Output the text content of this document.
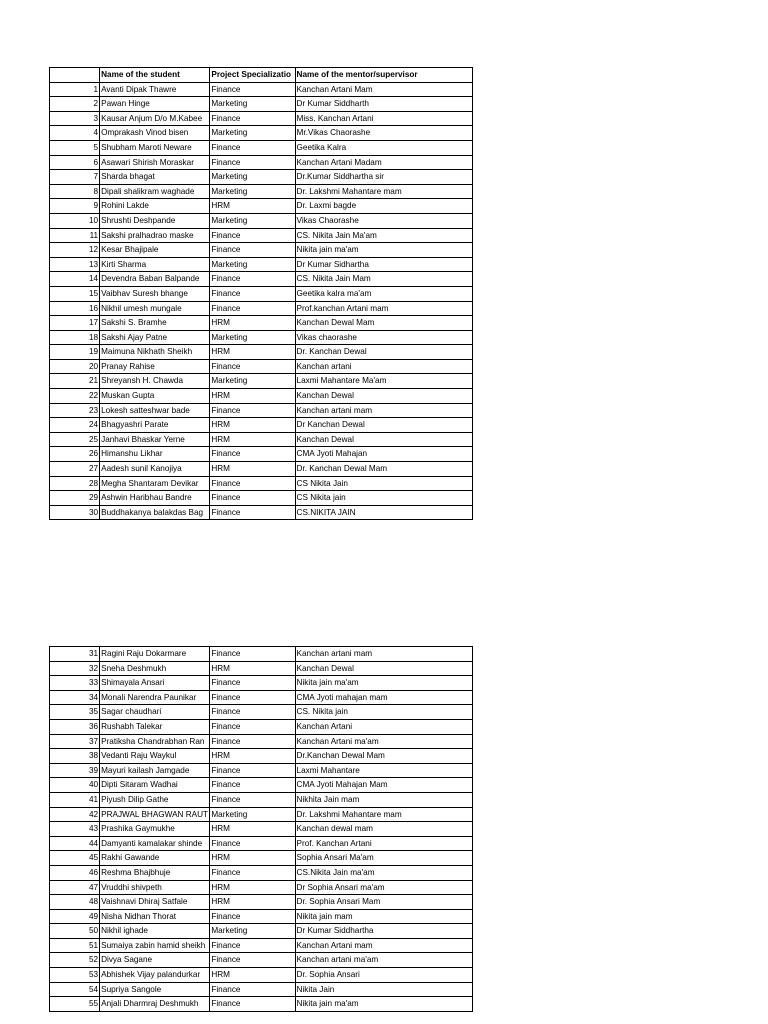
	Name of the student	Project Specializatio	Name of the mentor/supervisor
1	Avanti Dipak Thawre	Finance	Kanchan Artani Mam
2	Pawan Hinge	Marketing	Dr Kumar Siddharth
3	Kausar Anjum D/o M.Kabee	Finance	Miss. Kanchan Artani
4	Omprakash Vinod bisen	Marketing	Mr.Vikas Chaorashe
5	Shubham Maroti Neware	Finance	Geetika Kalra
6	Asawari Shirish Moraskar	Finance	Kanchan Artani Madam
7	Sharda bhagat	Marketing	Dr.Kumar Siddhartha sir
8	Dipali shalikram waghade	Marketing	Dr. Lakshmi Mahantare mam
9	Rohini Lakde	HRM	Dr. Laxmi bagde
10	Shrushti Deshpande	Marketing	Vikas Chaorashe
11	Sakshi pralhadrao maske	Finance	CS. Nikita Jain Ma'am
12	Kesar Bhajipale	Finance	Nikita jain ma'am
13	Kirti Sharma	Marketing	Dr Kumar Sidhartha
14	Devendra Baban Balpande	Finance	CS. Nikita Jain Mam
15	Vaibhav Suresh bhange	Finance	Geetika kalra ma'am
16	Nikhil umesh mungale	Finance	Prof.kanchan Artani mam
17	Sakshi S. Bramhe	HRM	Kanchan Dewal Mam
18	Sakshi Ajay Patne	Marketing	Vikas chaorashe
19	Maimuna Nikhath Sheikh	HRM	Dr. Kanchan Dewal
20	Pranay Rahise	Finance	Kanchan artani
21	Shreyansh H. Chawda	Marketing	Laxmi Mahantare Ma'am
22	Muskan Gupta	HRM	Kanchan Dewal
23	Lokesh satteshwar bade	Finance	Kanchan artani mam
24	Bhagyashri Parate	HRM	Dr Kanchan Dewal
25	Janhavi Bhaskar Yerne	HRM	Kanchan Dewal
26	Himanshu Likhar	Finance	CMA Jyoti Mahajan
27	Aadesh sunil Kanojiya	HRM	Dr. Kanchan Dewal Mam
28	Megha Shantaram Devikar	Finance	CS Nikita Jain
29	Ashwin Haribhau Bandre	Finance	CS Nikita jain
30	Buddhakanya balakdas Bag	Finance	CS.NIKITA JAIN
31	Ragini Raju Dokarmare	Finance	Kanchan artani mam
32	Sneha Deshmukh	HRM	Kanchan Dewal
33	Shimayala Ansari	Finance	Nikita jain ma'am
34	Monali Narendra Paunikar	Finance	CMA Jyoti mahajan mam
35	Sagar chaudhari	Finance	CS. Nikita jain
36	Rushabh Talekar	Finance	Kanchan Artani
37	Pratiksha Chandrabhan Ran	Finance	Kanchan Artani ma'am
38	Vedanti Raju Waykul	HRM	Dr.Kanchan Dewal Mam
39	Mayuri kailash Jamgade	Finance	Laxmi Mahantare
40	Dipti Sitaram Wadhai	Finance	CMA Jyoti Mahajan Mam
41	Piyush Dilip Gathe	Finance	Nikhita Jain mam
42	PRAJWAL BHAGWAN RAUT	Marketing	Dr. Lakshmi Mahantare mam
43	Prashika Gaymukhe	HRM	Kanchan dewal mam
44	Damyanti kamalakar shinde	Finance	Prof. Kanchan Artani
45	Rakhi Gawande	HRM	Sophia Ansari Ma'am
46	Reshma Bhajbhuje	Finance	CS.Nikita Jain ma'am
47	Vruddhi shivpeth	HRM	Dr Sophia Ansari ma'am
48	Vaishnavi Dhiraj Satfale	HRM	Dr. Sophia Ansari Mam
49	Nisha Nidhan Thorat	Finance	Nikita jain mam
50	Nikhil ighade	Marketing	Dr Kumar Siddhartha
51	Sumaiya zabin hamid sheikh	Finance	Kanchan Artani mam
52	Divya Sagane	Finance	Kanchan artani ma'am
53	Abhishek Vijay palandurkar	HRM	Dr. Sophia Ansari
54	Supriya Sangole	Finance	Nikita Jain
55	Anjali Dharmraj Deshmukh	Finance	Nikita jain ma'am
